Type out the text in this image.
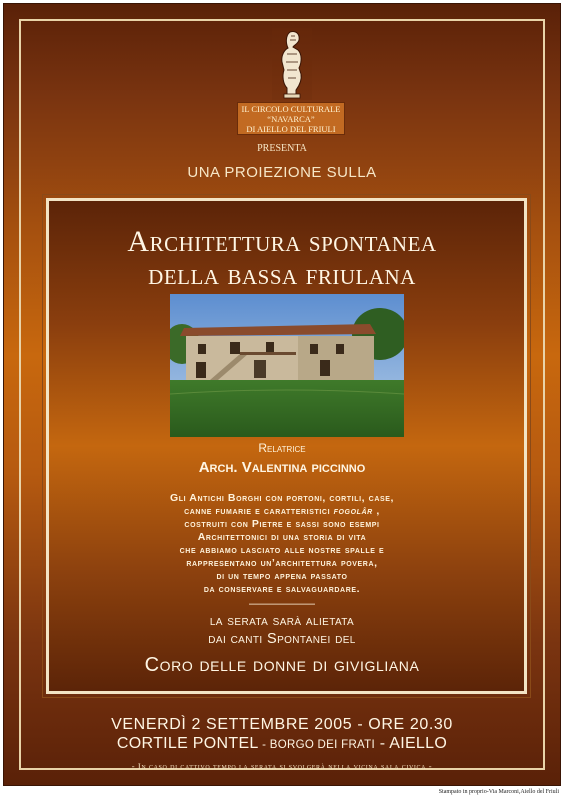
IL CIRCOLO CULTURALE
“NAVARCA”
DI AIELLO DEL FRIULI
PRESENTA
UNA PROIEZIONE SULLA
Architettura spontanea
della bassa friulana
Relatrice
Arch. Valentina piccinno
Gli Antichi Borghi con portoni, cortili, case,
canne fumarie e caratteristici fogolâr ,
costruiti con Pietre e sassi sono esempi
Architettonici di una storia di vita
che abbiamo lasciato alle nostre spalle e
rappresentano un’architettura povera,
di un tempo appena passato
da conservare e salvaguardare.
——————
la serata sarà alietata
dai canti Spontanei del
Coro delle donne di givigliana
VENERDÌ 2 SETTEMBRE 2005 - ORE 20.30
CORTILE PONTEL - BORGO DEI FRATI - AIELLO
- In caso di cattivo tempo la serata si svolgerà nella vicina sala civica -
Stampato in proprio-Via Marconi,Aiello del Friuli
